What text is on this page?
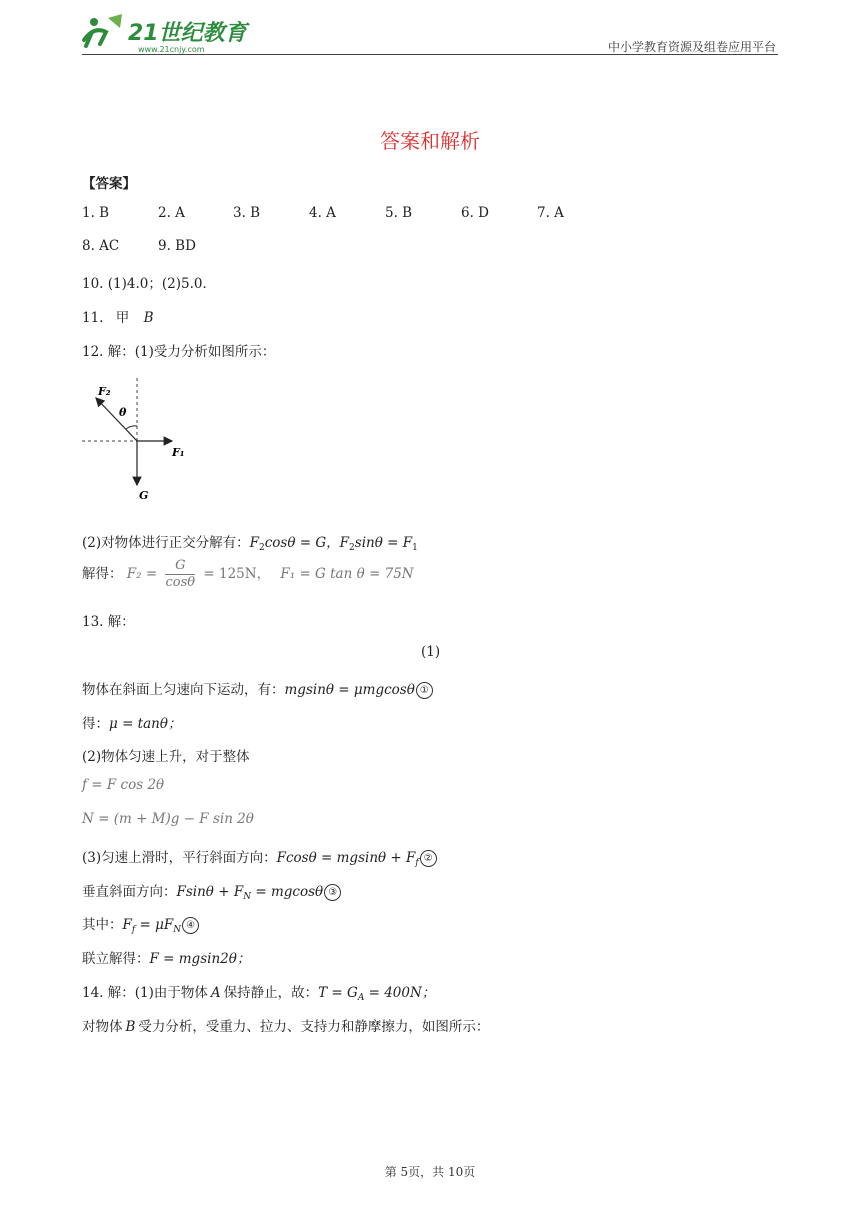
21世纪教育
www.21cnjy.com	中小学教育资源及组卷应用平台
答案和解析
【答案】
1. B	2. A	3. B	4. A	5. B	6. D	7. A
8. AC	9. BD
10. (1)4.0；(2)5.0．
11. 甲 B
12. 解：(1)受力分析如图所示：
F₂
θ
F₁
G
(2)对物体进行正交分解有：$F_2\cos\theta = G$，$F_2\sin\theta = F_1$
解得： $F_2 = \frac{G}{\cos\theta} = 125N$， F₁ = G tan θ = 75N
13. 解：
(1)
物体在斜面上匀速向下运动，有：mgsinθ = μmgcosθ ①
得：μ = tanθ；
(2)物体匀速上升，对于整体
f = F cos 2θ
N = (m + M)g − F sin 2θ
(3)匀速上滑时，平行斜面方向：$Fcos\theta = mgsin\theta + F_f$ ②
垂直斜面方向：$Fsin\theta + F_N = mgcos\theta$ ③
其中：$F_f = \mu F_N$ ④
联立解得：F = mgsin2θ；
14. 解：(1)由于物体 A 保持静止，故：$T = G_A = 400N$；
对物体 B 受力分析，受重力、拉力、支持力和静摩擦力，如图所示：
第 5页，共 10页
